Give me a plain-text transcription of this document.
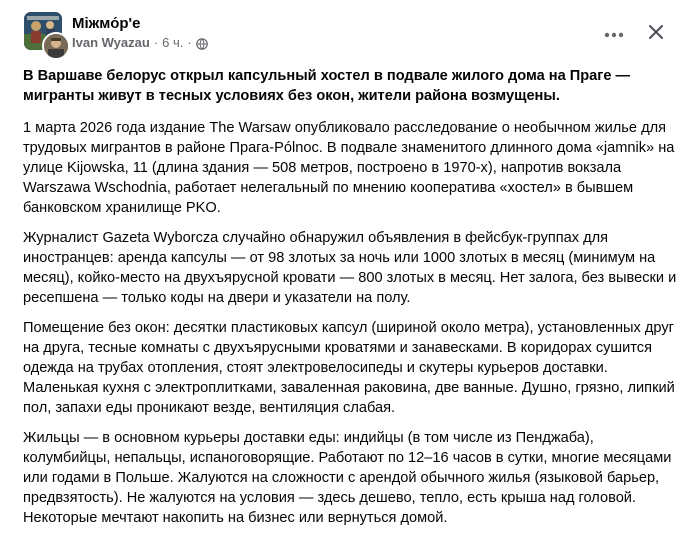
Міжмо́р'е
Ivan Wyazau · 6 ч. ·

В Варшаве белорус открыл капсульный хостел в подвале жилого дома на Праге — мигранты живут в тесных условиях без окон, жители района возмущены.

1 марта 2026 года издание The Warsaw опубликовало расследование о необычном жилье для трудовых мигрантов в районе Прага-Pólnoc. В подвале знаменитого длинного дома «jamnik» на улице Kijowska, 11 (длина здания — 508 метров, построено в 1970-х), напротив вокзала Warszawa Wschodnia, работает нелегальный по мнению кооператива «хостел» в бывшем банковском хранилище PKO.

Журналист Gazeta Wyborcza случайно обнаружил объявления в фейсбук-группах для иностранцев: аренда капсулы — от 98 злотых за ночь или 1000 злотых в месяц (минимум на месяц), койко-место на двухъярусной кровати — 800 злотых в месяц. Нет залога, без вывески и ресепшена — только коды на двери и указатели на полу.

Помещение без окон: десятки пластиковых капсул (шириной около метра), установленных друг на друга, тесные комнаты с двухъярусными кроватями и занавесками. В коридорах сушится одежда на трубах отопления, стоят электровелосипеды и скутеры курьеров доставки. Маленькая кухня с электроплитками, заваленная раковина, две ванные. Душно, грязно, липкий пол, запахи еды проникают везде, вентиляция слабая.

Жильцы — в основном курьеры доставки еды: индийцы (в том числе из Пенджаба), колумбийцы, непальцы, испаноговорящие. Работают по 12–16 часов в сутки, многие месяцами или годами в Польше. Жалуются на сложности с арендой обычного жилья (языковой барьер, предвзятость). Не жалуются на условия — здесь дешево, тепло, есть крыша над головой. Некоторые мечтают накопить на бизнес или вернуться домой.
